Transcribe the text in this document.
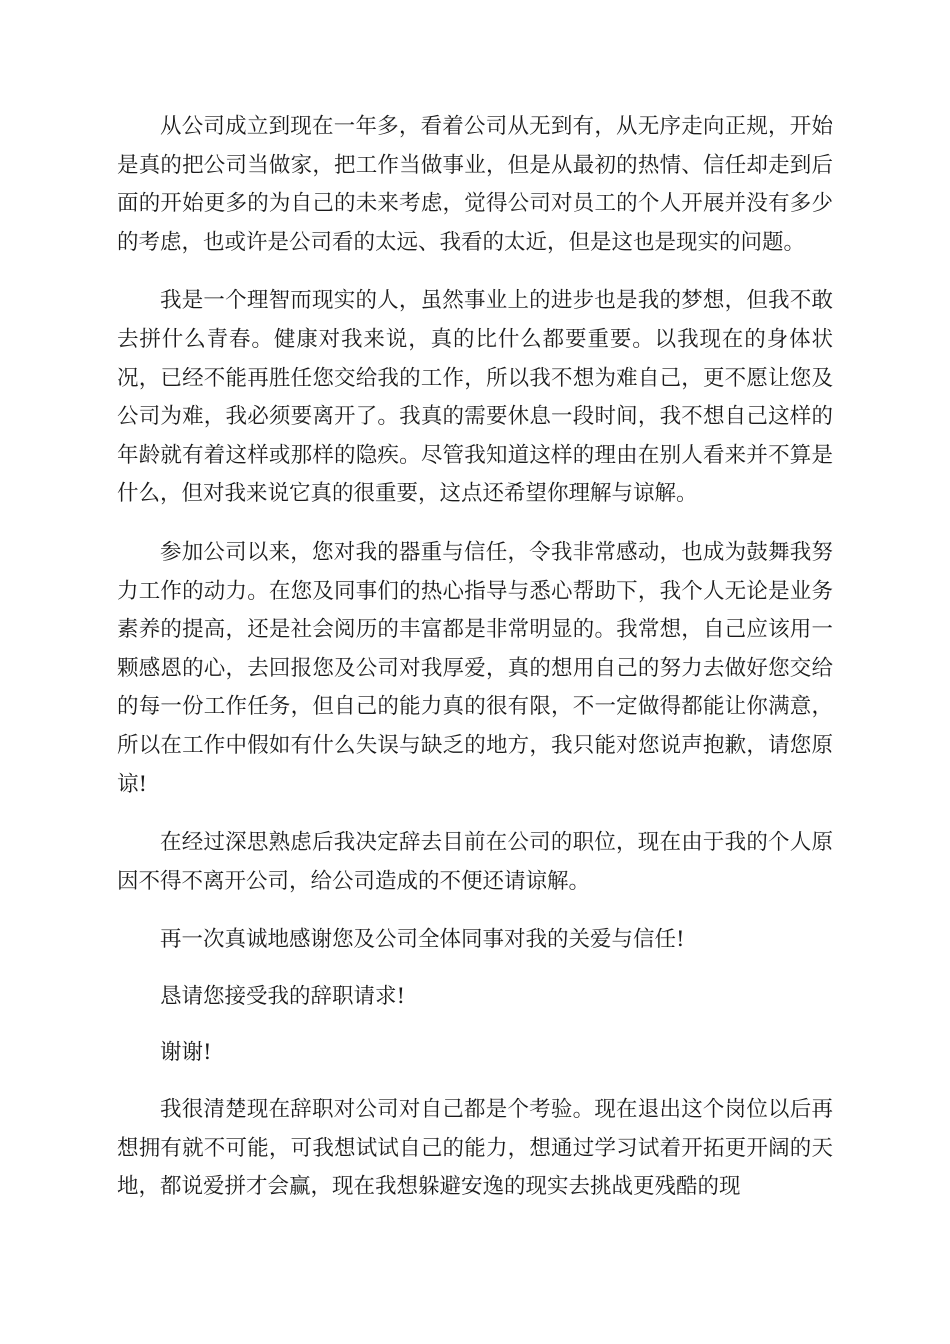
从公司成立到现在一年多，看着公司从无到有，从无序走向正规，开始是真的把公司当做家，把工作当做事业，但是从最初的热情、信任却走到后面的开始更多的为自己的未来考虑，觉得公司对员工的个人开展并没有多少的考虑，也或许是公司看的太远、我看的太近，但是这也是现实的问题。

我是一个理智而现实的人，虽然事业上的进步也是我的梦想，但我不敢去拼什么青春。健康对我来说，真的比什么都要重要。以我现在的身体状况，已经不能再胜任您交给我的工作，所以我不想为难自己，更不愿让您及公司为难，我必须要离开了。我真的需要休息一段时间，我不想自己这样的年龄就有着这样或那样的隐疾。尽管我知道这样的理由在别人看来并不算是什么，但对我来说它真的很重要，这点还希望你理解与谅解。

参加公司以来，您对我的器重与信任，令我非常感动，也成为鼓舞我努力工作的动力。在您及同事们的热心指导与悉心帮助下，我个人无论是业务素养的提高，还是社会阅历的丰富都是非常明显的。我常想，自己应该用一颗感恩的心，去回报您及公司对我厚爱，真的想用自己的努力去做好您交给的每一份工作任务，但自己的能力真的很有限，不一定做得都能让你满意，所以在工作中假如有什么失误与缺乏的地方，我只能对您说声抱歉，请您原谅!

在经过深思熟虑后我决定辞去目前在公司的职位，现在由于我的个人原因不得不离开公司，给公司造成的不便还请谅解。

再一次真诚地感谢您及公司全体同事对我的关爱与信任!

恳请您接受我的辞职请求!

谢谢!

我很清楚现在辞职对公司对自己都是个考验。现在退出这个岗位以后再想拥有就不可能，可我想试试自己的能力，想通过学习试着开拓更开阔的天地，都说爱拼才会赢，现在我想躲避安逸的现实去挑战更残酷的现
